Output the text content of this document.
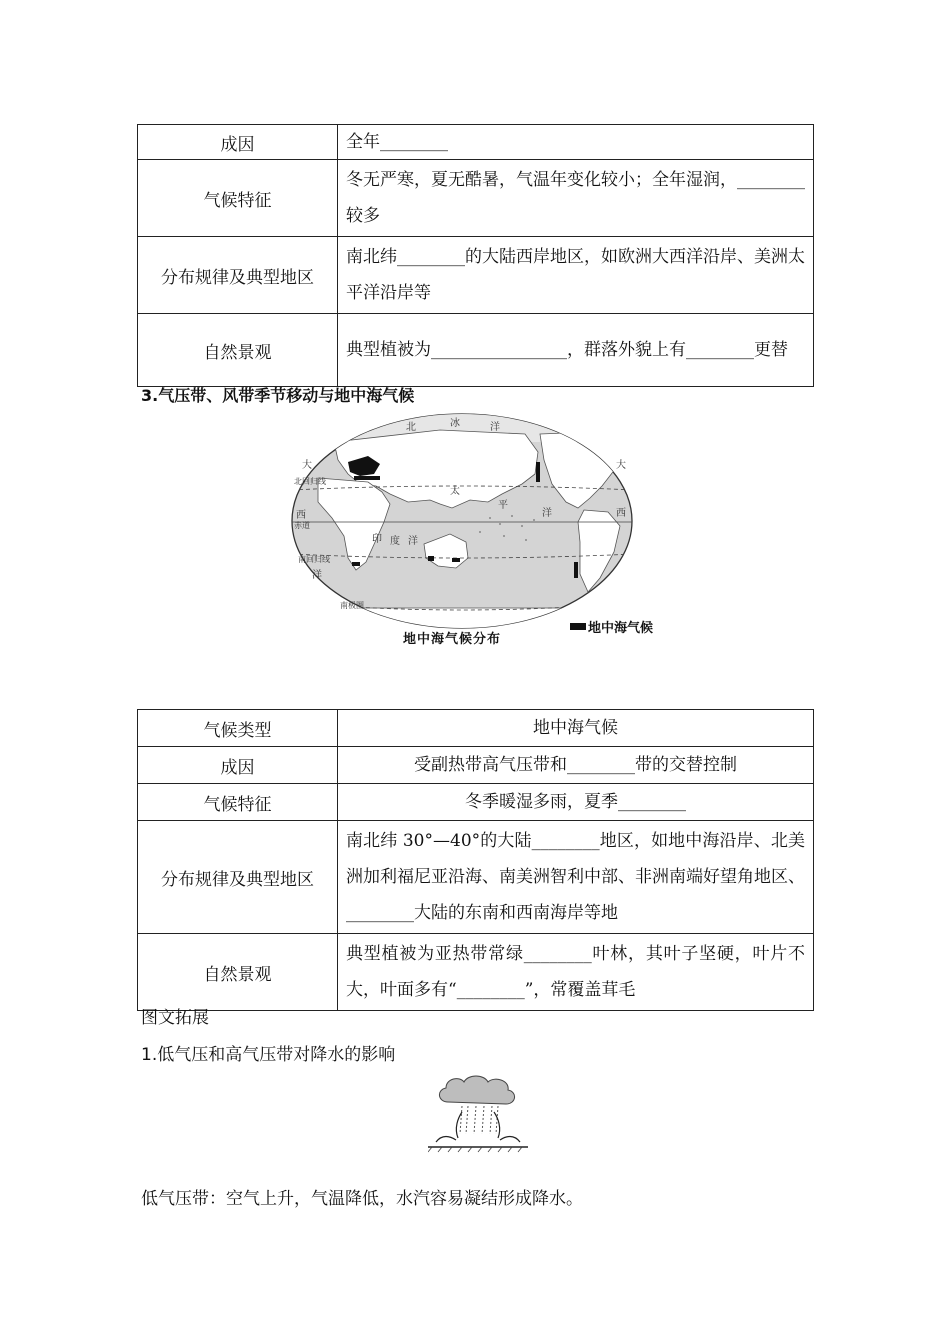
成因	全年________
气候特征	冬无严寒，夏无酷暑，气温年变化较小；全年湿润，________较多
分布规律及典型地区	南北纬________的大陆西岸地区，如欧洲大西洋沿岸、美洲太平洋沿岸等
自然景观	典型植被为________________，群落外貌上有________更替
3.气压带、风带季节移动与地中海气候
北	冰	洋
大	大
西	西
太
平
洋
印 度 洋
洋
北回归线
赤道
南回归线
南极圈
地中海气候分布
地中海气候
气候类型	地中海气候
成因	受副热带高气压带和________带的交替控制
气候特征	冬季暖湿多雨，夏季________
分布规律及典型地区	南北纬 30°—40°的大陆________地区，如地中海沿岸、北美洲加利福尼亚沿海、南美洲智利中部、非洲南端好望角地区、________大陆的东南和西南海岸等地
自然景观	典型植被为亚热带常绿________叶林，其叶子坚硬，叶片不大，叶面多有“________”，常覆盖茸毛
图文拓展
1.低气压和高气压带对降水的影响
低气压带：空气上升，气温降低，水汽容易凝结形成降水。
